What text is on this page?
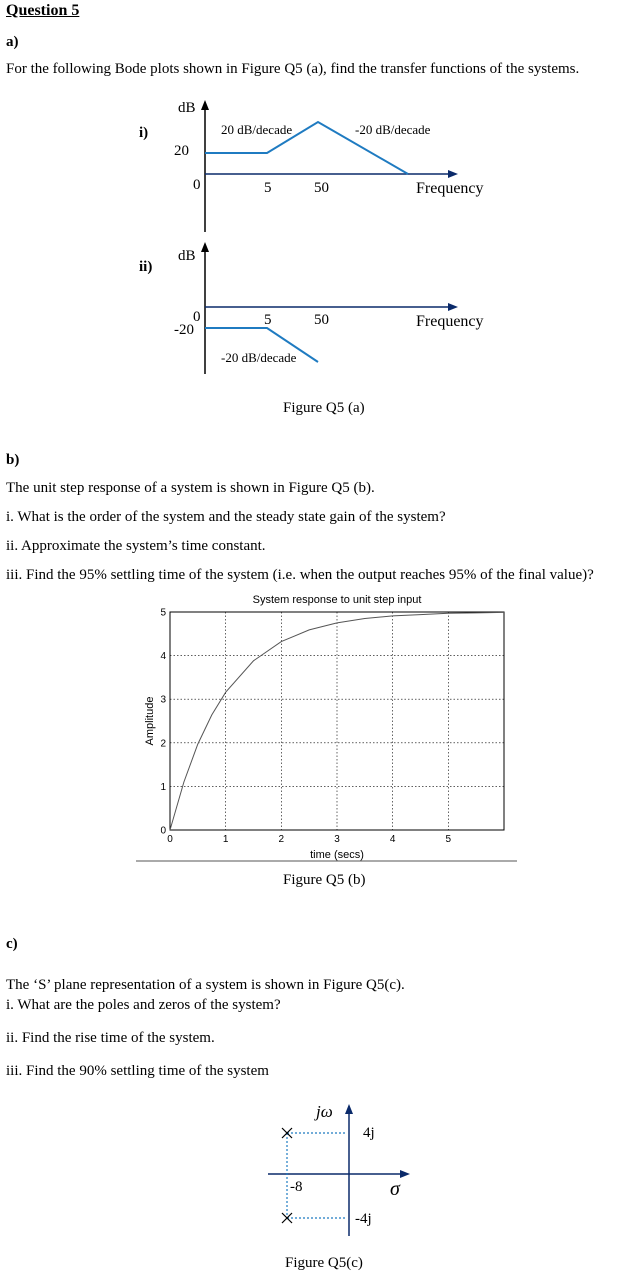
Question 5
a)
For the following Bode plots shown in Figure Q5 (a), find the transfer functions of the systems.
i)
dB
20
0	5	50	Frequency
20 dB/decade	-20 dB/decade
ii)
dB
0
-20
5	50	Frequency
-20 dB/decade
Figure Q5 (a)
b)
The unit step response of a system is shown in Figure Q5 (b).
i. What is the order of the system and the steady state gain of the system?
ii. Approximate the system’s time constant.
iii. Find the 95% settling time of the system (i.e. when the output reaches 95% of the final value)?
0	1	2	3	4	5
0
1
2
3
4
5
System response to unit step input
time (secs)
Amplitude
Figure Q5 (b)
c)
The ‘S’ plane representation of a system is shown in Figure Q5(c).
i. What are the poles and zeros of the system?
ii. Find the rise time of the system.
iii. Find the 90% settling time of the system
jω
σ
4j
-4j
-8
Figure Q5(c)
